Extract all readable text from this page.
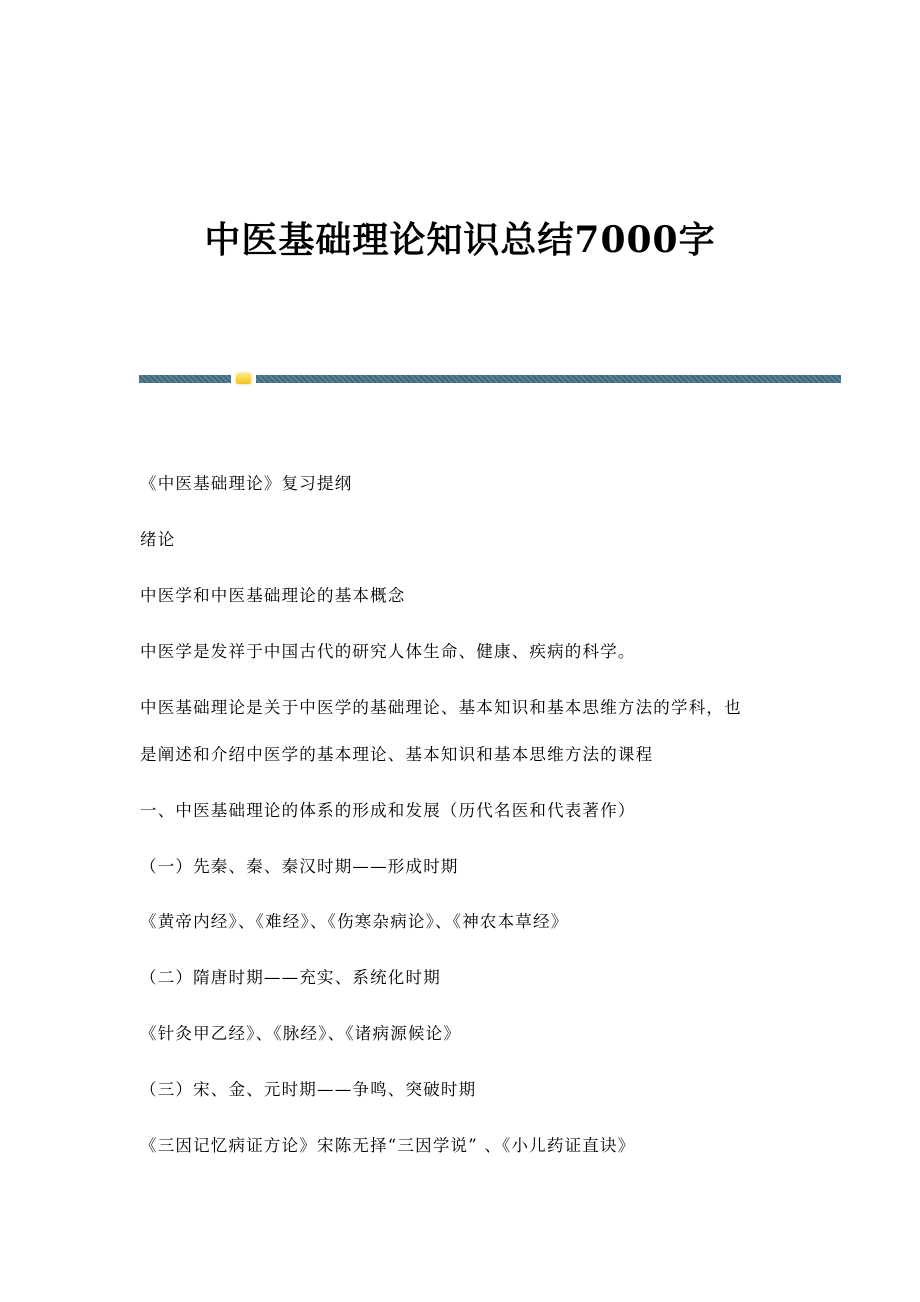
中医基础理论知识总结7000字
《中医基础理论》复习提纲
绪论
中医学和中医基础理论的基本概念
中医学是发祥于中国古代的研究人体生命、健康、疾病的科学。
中医基础理论是关于中医学的基础理论、基本知识和基本思维方法的学科，也
是阐述和介绍中医学的基本理论、基本知识和基本思维方法的课程
一、中医基础理论的体系的形成和发展（历代名医和代表著作）
（一）先秦、秦、秦汉时期——形成时期
《黄帝内经》、《难经》、《伤寒杂病论》、《神农本草经》
（二）隋唐时期——充实、系统化时期
《针灸甲乙经》、《脉经》、《诸病源候论》
（三）宋、金、元时期——争鸣、突破时期
《三因记忆病证方论》宋陈无择“三因学说” 、《小儿药证直诀》
